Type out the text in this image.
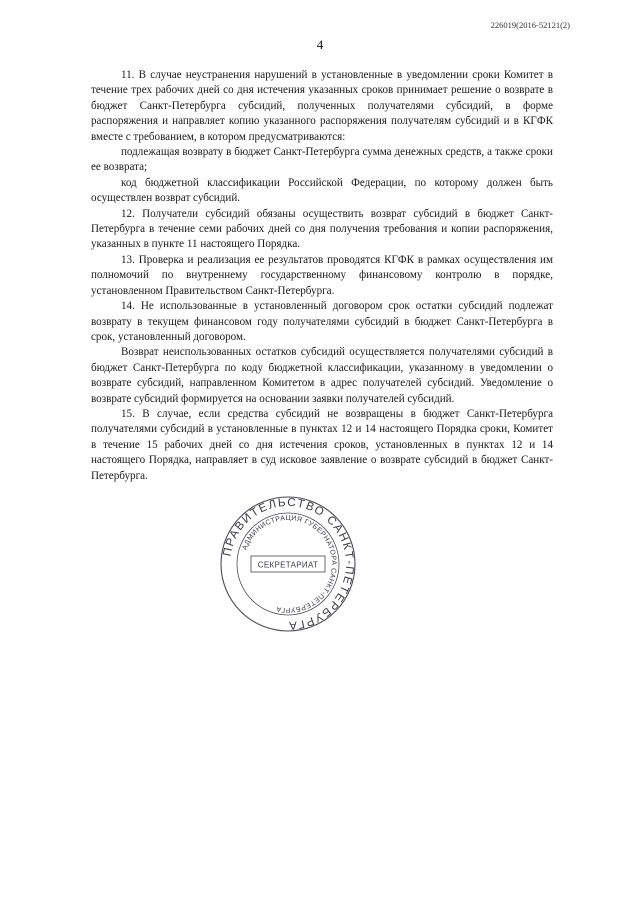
226019(2016-52121(2)
4

11. В случае неустранения нарушений в установленные в уведомлении сроки Комитет в течение трех рабочих дней со дня истечения указанных сроков принимает решение о возврате в бюджет Санкт-Петербурга субсидий, полученных получателями субсидий, в форме распоряжения и направляет копию указанного распоряжения получателям субсидий и в КГФК вместе с требованием, в котором предусматриваются:

подлежащая возврату в бюджет Санкт-Петербурга сумма денежных средств, а также сроки ее возврата;

код бюджетной классификации Российской Федерации, по которому должен быть осуществлен возврат субсидий.

12. Получатели субсидий обязаны осуществить возврат субсидий в бюджет Санкт-Петербурга в течение семи рабочих дней со дня получения требования и копии распоряжения, указанных в пункте 11 настоящего Порядка.

13. Проверка и реализация ее результатов проводятся КГФК в рамках осуществления им полномочий по внутреннему государственному финансовому контролю в порядке, установленном Правительством Санкт-Петербурга.

14. Не использованные в установленный договором срок остатки субсидий подлежат возврату в текущем финансовом году получателями субсидий в бюджет Санкт-Петербурга в срок, установленный договором.

Возврат неиспользованных остатков субсидий осуществляется получателями субсидий в бюджет Санкт-Петербурга по коду бюджетной классификации, указанному в уведомлении о возврате субсидий, направленном Комитетом в адрес получателей субсидий. Уведомление о возврате субсидий формируется на основании заявки получателей субсидий.

15. В случае, если средства субсидий не возвращены в бюджет Санкт-Петербурга получателями субсидий в установленные в пунктах 12 и 14 настоящего Порядка сроки, Комитет в течение 15 рабочих дней со дня истечения сроков, установленных в пунктах 12 и 14 настоящего Порядка, направляет в суд исковое заявление о возврате субсидий в бюджет Санкт-Петербурга.

ПРАВИТЕЛЬСТВО САНКТ-ПЕТЕРБУРГА
АДМИНИСТРАЦИЯ ГУБЕРНАТОРА САНКТ-ПЕТЕРБУРГА
СЕКРЕТАРИАТ
